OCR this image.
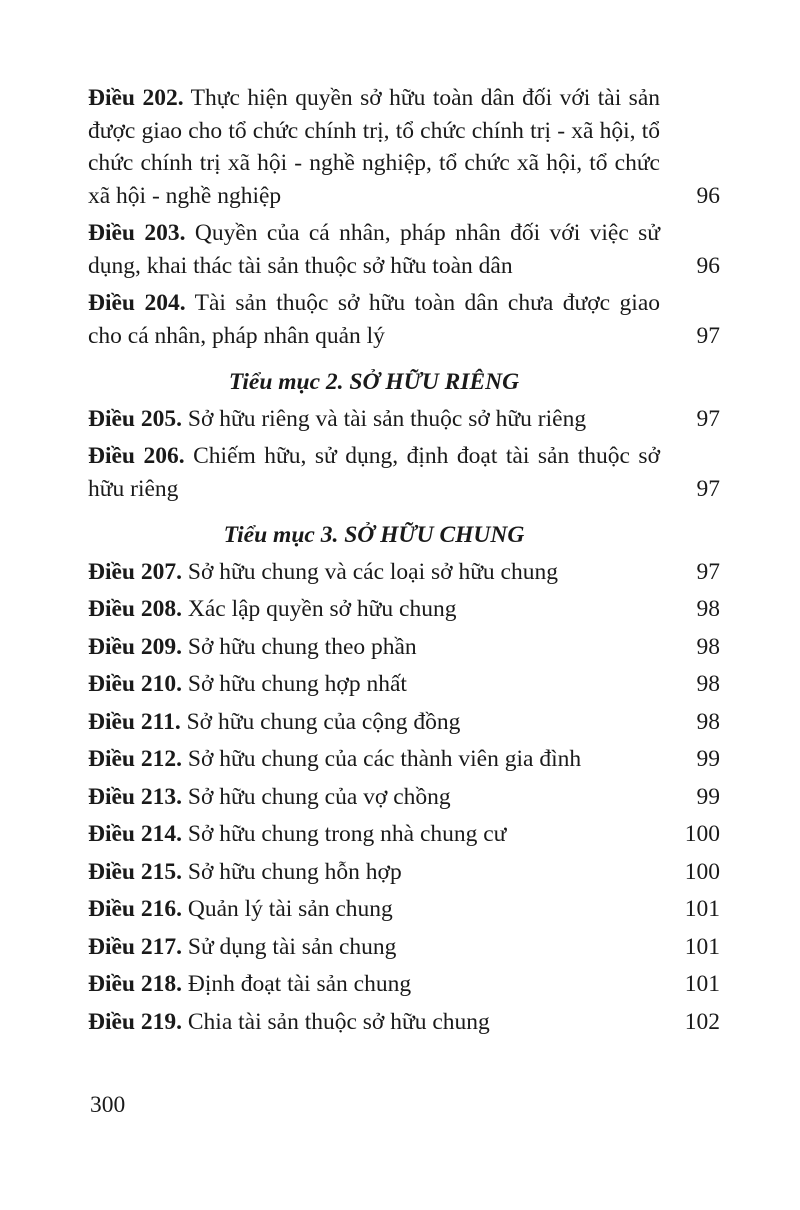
Điều 202. Thực hiện quyền sở hữu toàn dân đối với tài sản được giao cho tổ chức chính trị, tổ chức chính trị - xã hội, tổ chức chính trị xã hội - nghề nghiệp, tổ chức xã hội, tổ chức xã hội - nghề nghiệp	96
Điều 203. Quyền của cá nhân, pháp nhân đối với việc sử dụng, khai thác tài sản thuộc sở hữu toàn dân	96
Điều 204. Tài sản thuộc sở hữu toàn dân chưa được giao cho cá nhân, pháp nhân quản lý	97
Tiểu mục 2. SỞ HỮU RIÊNG
Điều 205. Sở hữu riêng và tài sản thuộc sở hữu riêng	97
Điều 206. Chiếm hữu, sử dụng, định đoạt tài sản thuộc sở hữu riêng	97
Tiểu mục 3. SỞ HỮU CHUNG
Điều 207. Sở hữu chung và các loại sở hữu chung	97
Điều 208. Xác lập quyền sở hữu chung	98
Điều 209. Sở hữu chung theo phần	98
Điều 210. Sở hữu chung hợp nhất	98
Điều 211. Sở hữu chung của cộng đồng	98
Điều 212. Sở hữu chung của các thành viên gia đình	99
Điều 213. Sở hữu chung của vợ chồng	99
Điều 214. Sở hữu chung trong nhà chung cư	100
Điều 215. Sở hữu chung hỗn hợp	100
Điều 216. Quản lý tài sản chung	101
Điều 217. Sử dụng tài sản chung	101
Điều 218. Định đoạt tài sản chung	101
Điều 219. Chia tài sản thuộc sở hữu chung	102
300
